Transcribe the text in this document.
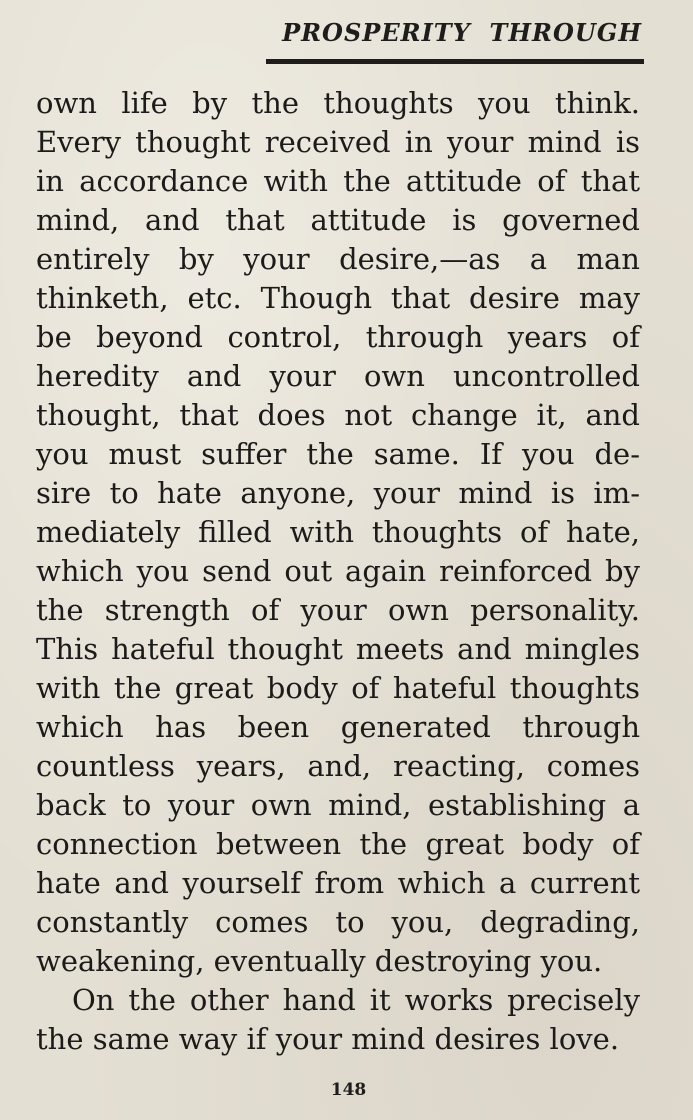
PROSPERITY  THROUGH
own life by the thoughts you think.
Every thought received in your mind is
in accordance with the attitude of that
mind, and that attitude is governed
entirely by your desire,—as a man
thinketh, etc. Though that desire may
be beyond control, through years of
heredity and your own uncontrolled
thought, that does not change it, and
you must suffer the same. If you de-
sire to hate anyone, your mind is im-
mediately filled with thoughts of hate,
which you send out again reinforced by
the strength of your own personality.
This hateful thought meets and mingles
with the great body of hateful thoughts
which has been generated through
countless years, and, reacting, comes
back to your own mind, establishing a
connection between the great body of
hate and yourself from which a current
constantly comes to you, degrading,
weakening, eventually destroying you.
On the other hand it works precisely
the same way if your mind desires love.
148
